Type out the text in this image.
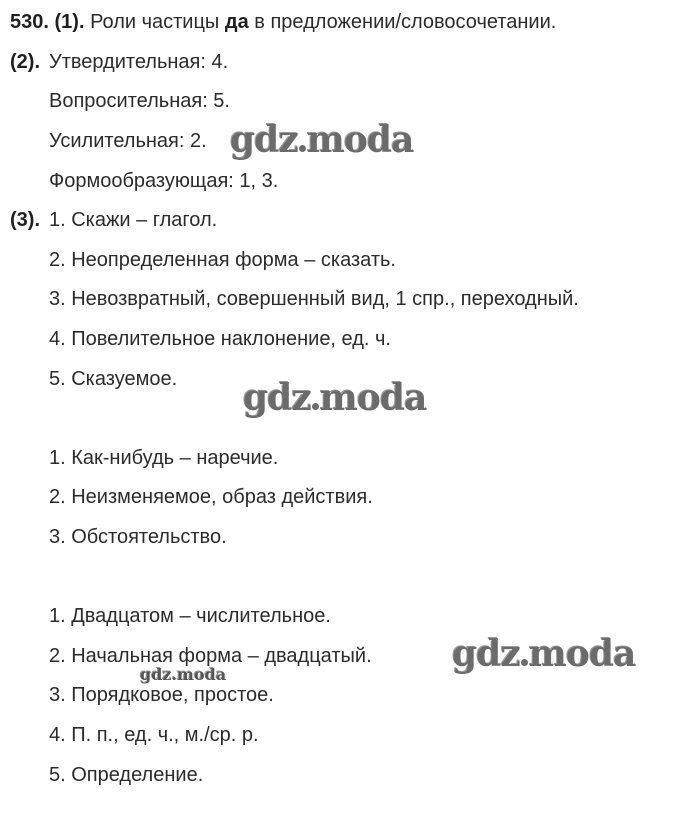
530. (1). Роли частицы да в предложении/словосочетании.
(2). Утвердительная: 4.
Вопросительная: 5.
Усилительная: 2.
Формообразующая: 1, 3.
(3). 1. Скажи – глагол.
2. Неопределенная форма – сказать.
3. Невозвратный, совершенный вид, 1 спр., переходный.
4. Повелительное наклонение, ед. ч.
5. Сказуемое.
1. Как-нибудь – наречие.
2. Неизменяемое, образ действия.
3. Обстоятельство.
1. Двадцатом – числительное.
2. Начальная форма – двадцатый.
3. Порядковое, простое.
4. П. п., ед. ч., м./ср. р.
5. Определение.
gdz moda
gdz moda
gdz moda
gdz.moda
